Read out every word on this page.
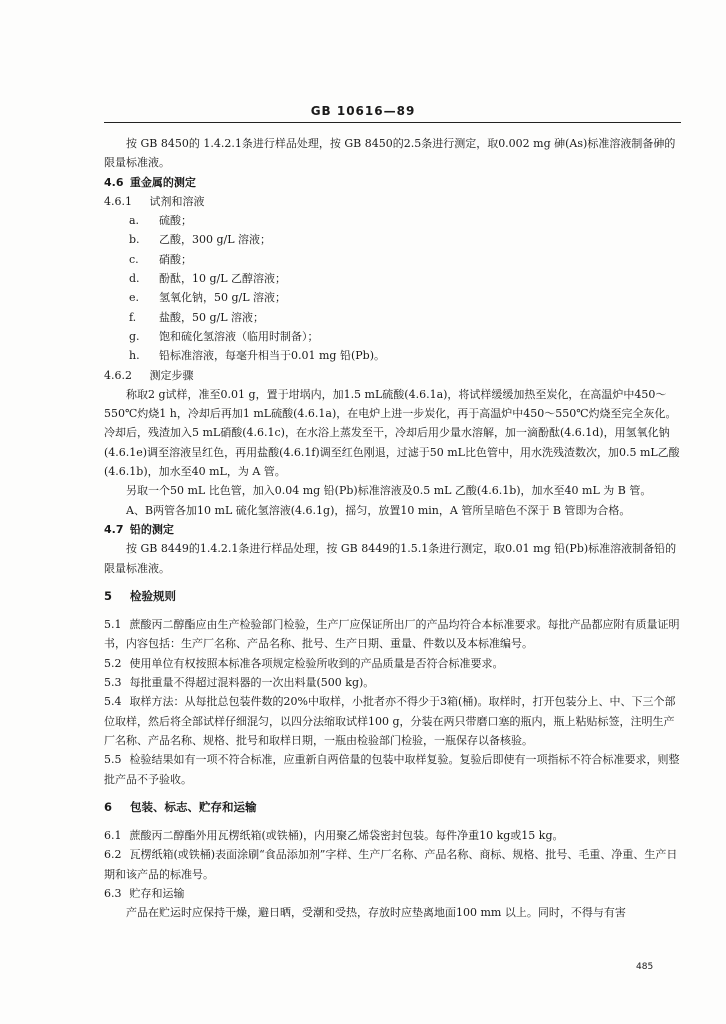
GB 10616—89

按 GB 8450的 1.4.2.1条进行样品处理，按 GB 8450的2.5条进行测定，取0.002 mg 砷(As)标准溶液制备砷的限量标准液。

4.6 重金属的测定

4.6.1 试剂和溶液

a. 硫酸；

b. 乙酸，300 g/L 溶液；

c. 硝酸；

d. 酚酞，10 g/L 乙醇溶液；

e. 氢氧化钠，50 g/L 溶液；

f. 盐酸，50 g/L 溶液；

g. 饱和硫化氢溶液（临用时制备）；

h. 铅标准溶液，每毫升相当于0.01 mg 铅(Pb)。

4.6.2 测定步骤

称取2 g试样，准至0.01 g，置于坩埚内，加1.5 mL硫酸(4.6.1a)，将试样缓缓加热至炭化，在高温炉中450～550℃灼烧1 h，冷却后再加1 mL硫酸(4.6.1a)，在电炉上进一步炭化，再于高温炉中450～550℃灼烧至完全灰化。冷却后，残渣加入5 mL硝酸(4.6.1c)，在水浴上蒸发至干，冷却后用少量水溶解，加一滴酚酞(4.6.1d)，用氢氧化钠(4.6.1e)调至溶液呈红色，再用盐酸(4.6.1f)调至红色刚退，过滤于50 mL比色管中，用水洗残渣数次，加0.5 mL乙酸(4.6.1b)，加水至40 mL，为 A 管。

另取一个50 mL 比色管，加入0.04 mg 铅(Pb)标准溶液及0.5 mL 乙酸(4.6.1b)，加水至40 mL 为 B 管。

A、B两管各加10 mL 硫化氢溶液(4.6.1g)，摇匀，放置10 min，A 管所呈暗色不深于 B 管即为合格。

4.7 铅的测定

按 GB 8449的1.4.2.1条进行样品处理，按 GB 8449的1.5.1条进行测定，取0.01 mg 铅(Pb)标准溶液制备铅的限量标准液。

5 检验规则

5.1 蔗酸丙二醇酯应由生产检验部门检验，生产厂应保证所出厂的产品均符合本标准要求。每批产品都应附有质量证明书，内容包括：生产厂名称、产品名称、批号、生产日期、重量、件数以及本标准编号。

5.2 使用单位有权按照本标准各项规定检验所收到的产品质量是否符合标准要求。

5.3 每批重量不得超过混料器的一次出料量(500 kg)。

5.4 取样方法：从每批总包装件数的20%中取样，小批者亦不得少于3箱(桶)。取样时，打开包装分上、中、下三个部位取样，然后将全部试样仔细混匀，以四分法缩取试样100 g，分装在两只带磨口塞的瓶内，瓶上粘贴标签，注明生产厂名称、产品名称、规格、批号和取样日期，一瓶由检验部门检验，一瓶保存以备核验。

5.5 检验结果如有一项不符合标准，应重新自两倍量的包装中取样复验。复验后即使有一项指标不符合标准要求，则整批产品不予验收。

6 包装、标志、贮存和运输

6.1 蔗酸丙二醇酯外用瓦楞纸箱(或铁桶)，内用聚乙烯袋密封包装。每件净重10 kg或15 kg。

6.2 瓦楞纸箱(或铁桶)表面涂刷“食品添加剂”字样、生产厂名称、产品名称、商标、规格、批号、毛重、净重、生产日期和该产品的标准号。

6.3 贮存和运输

产品在贮运时应保持干燥，避日晒，受潮和受热，存放时应垫离地面100 mm 以上。同时，不得与有害

485
